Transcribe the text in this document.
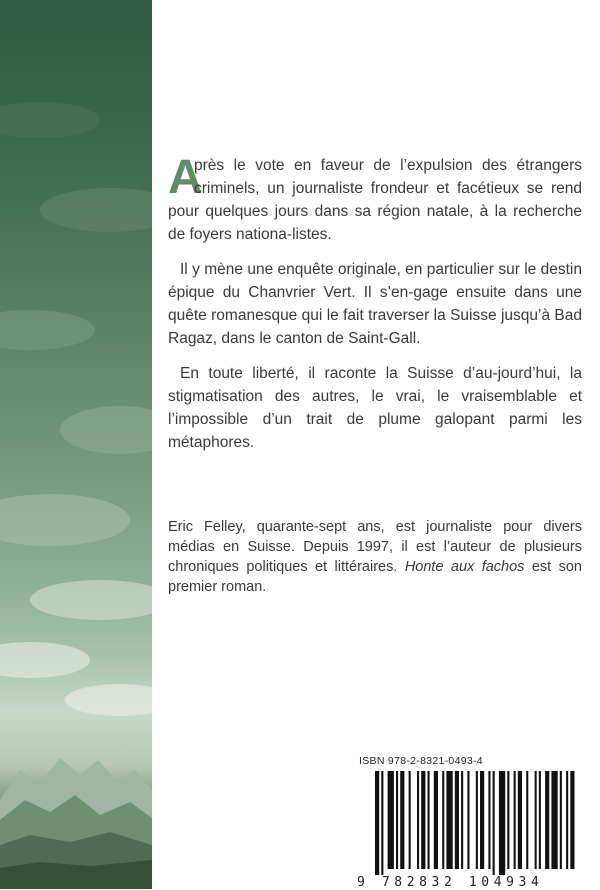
A
près le vote en faveur de l’expulsion des étrangers criminels, un journaliste frondeur et facétieux se rend pour quelques jours dans sa région natale, à la recherche de foyers nationa-listes.

Il y mène une enquête originale, en particulier sur le destin épique du Chanvrier Vert. Il s’en-gage ensuite dans une quête romanesque qui le fait traverser la Suisse jusqu’à Bad Ragaz, dans le canton de Saint-Gall.

En toute liberté, il raconte la Suisse d’au-jourd’hui, la stigmatisation des autres, le vrai, le vraisemblable et l’impossible d’un trait de plume galopant parmi les métaphores.

Eric Felley, quarante-sept ans, est journaliste pour divers médias en Suisse. Depuis 1997, il est l’auteur de plusieurs chroniques politiques et littéraires. Honte aux fachos est son premier roman.

ISBN 978-2-8321-0493-4
9 782832 104934
